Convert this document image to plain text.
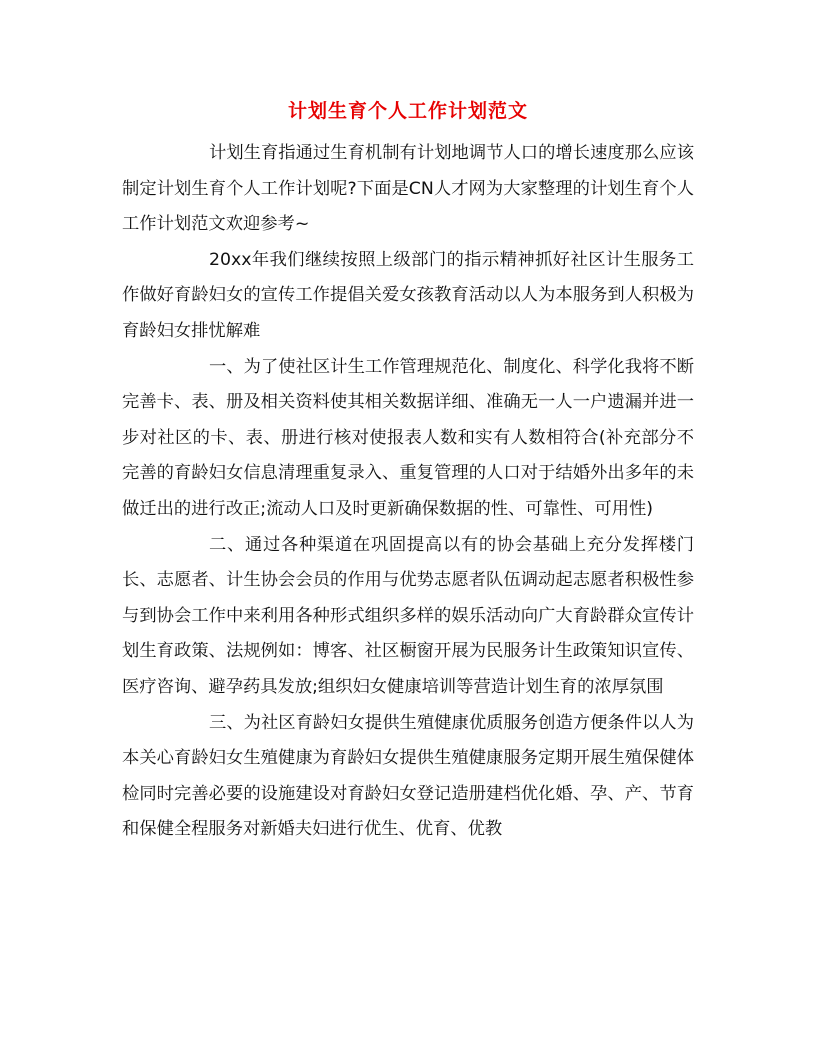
计划生育个人工作计划范文

计划生育指通过生育机制有计划地调节人口的增长速度那么应该制定计划生育个人工作计划呢?下面是CN人才网为大家整理的计划生育个人工作计划范文欢迎参考~

20xx年我们继续按照上级部门的指示精神抓好社区计生服务工作做好育龄妇女的宣传工作提倡关爱女孩教育活动以人为本服务到人积极为育龄妇女排忧解难

一、为了使社区计生工作管理规范化、制度化、科学化我将不断完善卡、表、册及相关资料使其相关数据详细、准确无一人一户遗漏并进一步对社区的卡、表、册进行核对使报表人数和实有人数相符合(补充部分不完善的育龄妇女信息清理重复录入、重复管理的人口对于结婚外出多年的未做迁出的进行改正;流动人口及时更新确保数据的性、可靠性、可用性)

二、通过各种渠道在巩固提高以有的协会基础上充分发挥楼门长、志愿者、计生协会会员的作用与优势志愿者队伍调动起志愿者积极性参与到协会工作中来利用各种形式组织多样的娱乐活动向广大育龄群众宣传计划生育政策、法规例如：博客、社区橱窗开展为民服务计生政策知识宣传、医疗咨询、避孕药具发放;组织妇女健康培训等营造计划生育的浓厚氛围

三、为社区育龄妇女提供生殖健康优质服务创造方便条件以人为本关心育龄妇女生殖健康为育龄妇女提供生殖健康服务定期开展生殖保健体检同时完善必要的设施建设对育龄妇女登记造册建档优化婚、孕、产、节育和保健全程服务对新婚夫妇进行优生、优育、优教
